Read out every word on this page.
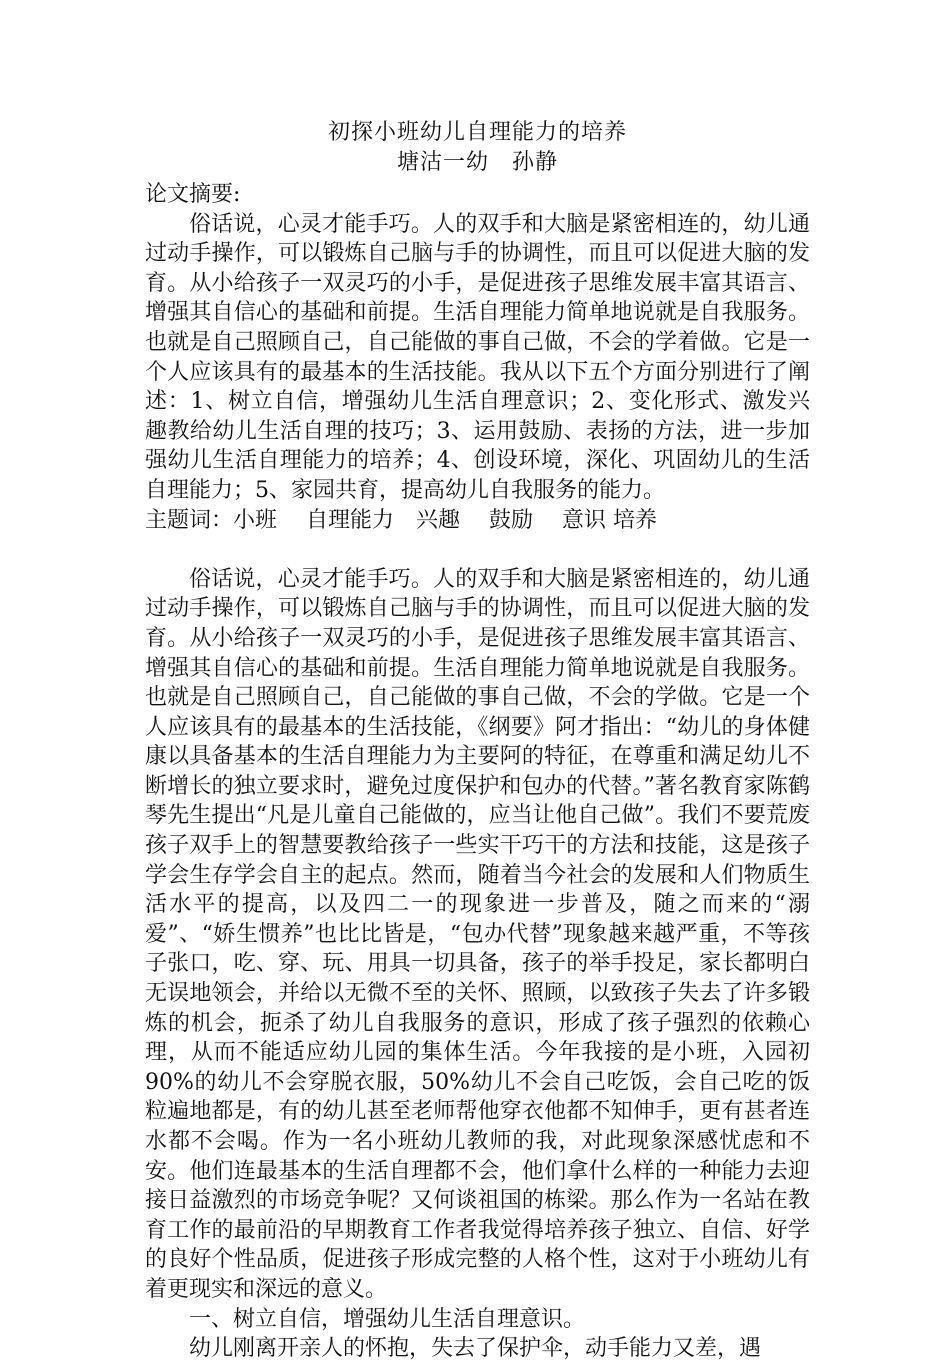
初探小班幼儿自理能力的培养
塘沽一幼　孙静
论文摘要:

俗话说，心灵才能手巧。人的双手和大脑是紧密相连的，幼儿通过动手操作，可以锻炼自己脑与手的协调性，而且可以促进大脑的发育。从小给孩子一双灵巧的小手，是促进孩子思维发展丰富其语言、增强其自信心的基础和前提。生活自理能力简单地说就是自我服务。也就是自己照顾自己，自己能做的事自己做，不会的学着做。它是一个人应该具有的最基本的生活技能。我从以下五个方面分别进行了阐述：1、树立自信，增强幼儿生活自理意识；2、变化形式、激发兴趣教给幼儿生活自理的技巧；3、运用鼓励、表扬的方法，进一步加强幼儿生活自理能力的培养；4、创设环境，深化、巩固幼儿的生活自理能力；5、家园共育，提高幼儿自我服务的能力。

主题词：小班　 自理能力　兴趣　 鼓励　 意识 培养

俗话说，心灵才能手巧。人的双手和大脑是紧密相连的，幼儿通过动手操作，可以锻炼自己脑与手的协调性，而且可以促进大脑的发育。从小给孩子一双灵巧的小手，是促进孩子思维发展丰富其语言、增强其自信心的基础和前提。生活自理能力简单地说就是自我服务。也就是自己照顾自己，自己能做的事自己做，不会的学做。它是一个人应该具有的最基本的生活技能，《纲要》阿才指出：“幼儿的身体健康以具备基本的生活自理能力为主要阿的特征，在尊重和满足幼儿不断增长的独立要求时，避免过度保护和包办的代替。”著名教育家陈鹤琴先生提出“凡是儿童自己能做的，应当让他自己做”。我们不要荒废孩子双手上的智慧要教给孩子一些实干巧干的方法和技能，这是孩子学会生存学会自主的起点。然而，随着当今社会的发展和人们物质生活水平的提高，以及四二一的现象进一步普及，随之而来的“溺爱”、“娇生惯养”也比比皆是，“包办代替”现象越来越严重，不等孩子张口，吃、穿、玩、用具一切具备，孩子的举手投足，家长都明白无误地领会，并给以无微不至的关怀、照顾，以致孩子失去了许多锻炼的机会，扼杀了幼儿自我服务的意识，形成了孩子强烈的依赖心理，从而不能适应幼儿园的集体生活。今年我接的是小班，入园初90%的幼儿不会穿脱衣服，50%幼儿不会自己吃饭，会自己吃的饭粒遍地都是，有的幼儿甚至老师帮他穿衣他都不知伸手，更有甚者连水都不会喝。作为一名小班幼儿教师的我，对此现象深感忧虑和不安。他们连最基本的生活自理都不会，他们拿什么样的一种能力去迎接日益激烈的市场竞争呢？又何谈祖国的栋梁。那么作为一名站在教育工作的最前沿的早期教育工作者我觉得培养孩子独立、自信、好学的良好个性品质，促进孩子形成完整的人格个性，这对于小班幼儿有着更现实和深远的意义。

一、树立自信，增强幼儿生活自理意识。

幼儿刚离开亲人的怀抱，失去了保护伞，动手能力又差，遇
